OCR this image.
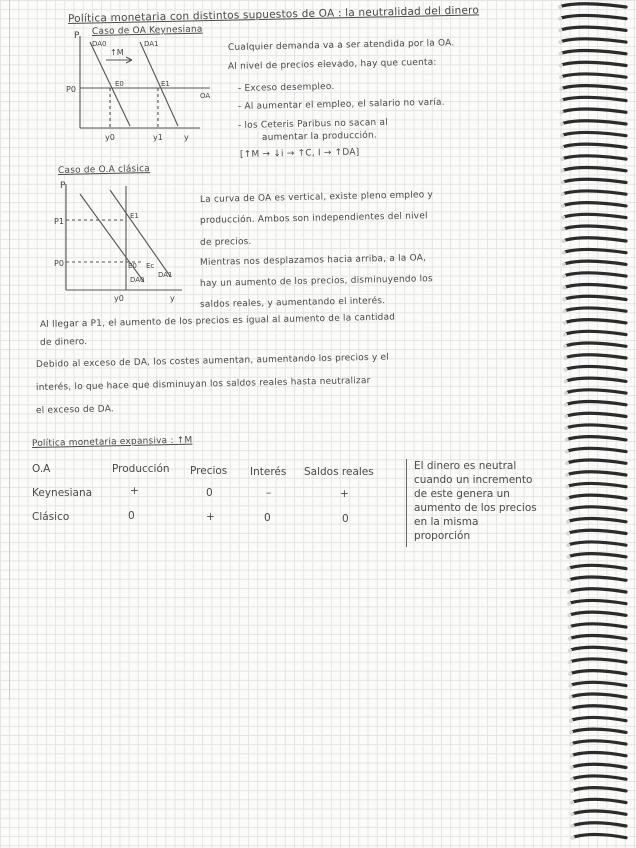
Política monetaria con distintos supuestos de OA : la neutralidad del dinero
Caso de OA Keynesiana
P
DA0	DA1
↑M
P0
E0	E1
OA
y0	y1	y
Cualquier demanda va a ser atendida por la OA.
Al nivel de precios elevado, hay que cuenta:
- Exceso desempleo.
- Al aumentar el empleo, el salario no varía.
- los Ceteris Paribus no sacan al
aumentar la producción.
[↑M → ↓i → ↑C, I → ↑DA]
Caso de O.A clásica
P
P1
P0
E1
E0 Ec
DA0
DA1
y0	y
La curva de OA es vertical, existe pleno empleo y
producción. Ambos son independientes del nivel
de precios.
Mientras nos desplazamos hacia arriba, a la OA,
hay un aumento de los precios, disminuyendo los
saldos reales, y aumentando el interés.
Al llegar a P1, el aumento de los precios es igual al aumento de la cantidad
de dinero.
Debido al exceso de DA, los costes aumentan, aumentando los precios y el
interés, lo que hace que disminuyan los saldos reales hasta neutralizar
el exceso de DA.
Política monetaria expansiva : ↑M
O.A	Producción Precios Interés Saldos reales
Keynesiana	+	0	–	+
Clásico	0	+	0	0
El dinero es neutral
cuando un incremento
de este genera un
aumento de los precios
en la misma
proporción
